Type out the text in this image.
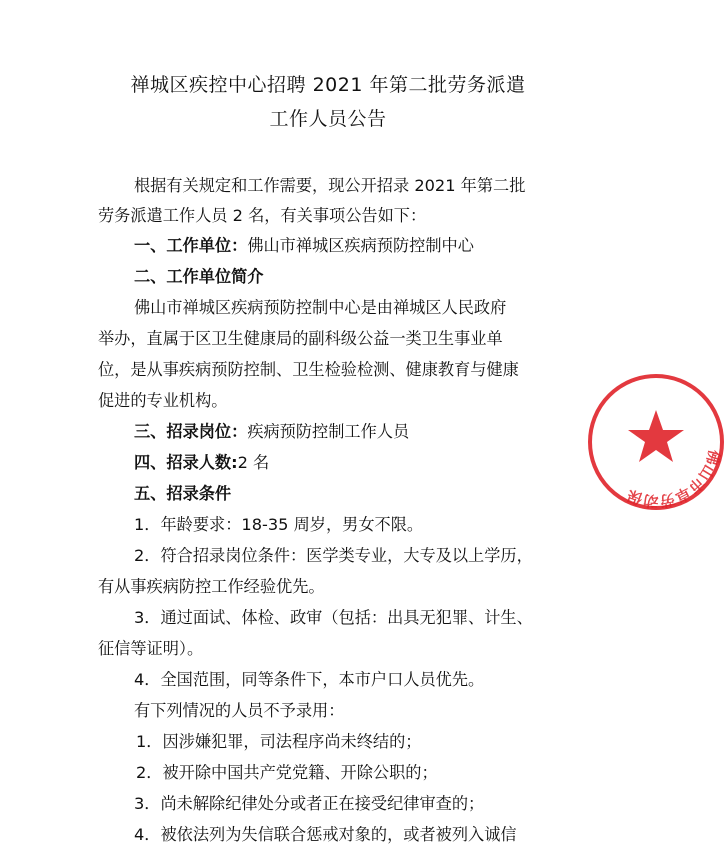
禅城区疾控中心招聘 2021 年第二批劳务派遣
工作人员公告
根据有关规定和工作需要，现公开招录 2021 年第二批
劳务派遣工作人员 2 名，有关事项公告如下：
一、工作单位：佛山市禅城区疾病预防控制中心
二、工作单位简介
佛山市禅城区疾病预防控制中心是由禅城区人民政府
举办，直属于区卫生健康局的副科级公益一类卫生事业单
位，是从事疾病预防控制、卫生检验检测、健康教育与健康
促进的专业机构。
三、招录岗位：疾病预防控制工作人员
四、招录人数:2 名
五、招录条件
1．年龄要求：18-35 周岁，男女不限。
2．符合招录岗位条件：医学类专业，大专及以上学历，
有从事疾病防控工作经验优先。
3．通过面试、体检、政审（包括：出具无犯罪、计生、
征信等证明）。
4．全国范围，同等条件下，本市户口人员优先。
有下列情况的人员不予录用：
1．因涉嫌犯罪，司法程序尚未终结的；
2．被开除中国共产党党籍、开除公职的；
3．尚未解除纪律处分或者正在接受纪律审查的；
4．被依法列为失信联合惩戒对象的，或者被列入诚信
佛山市卓劳动保
